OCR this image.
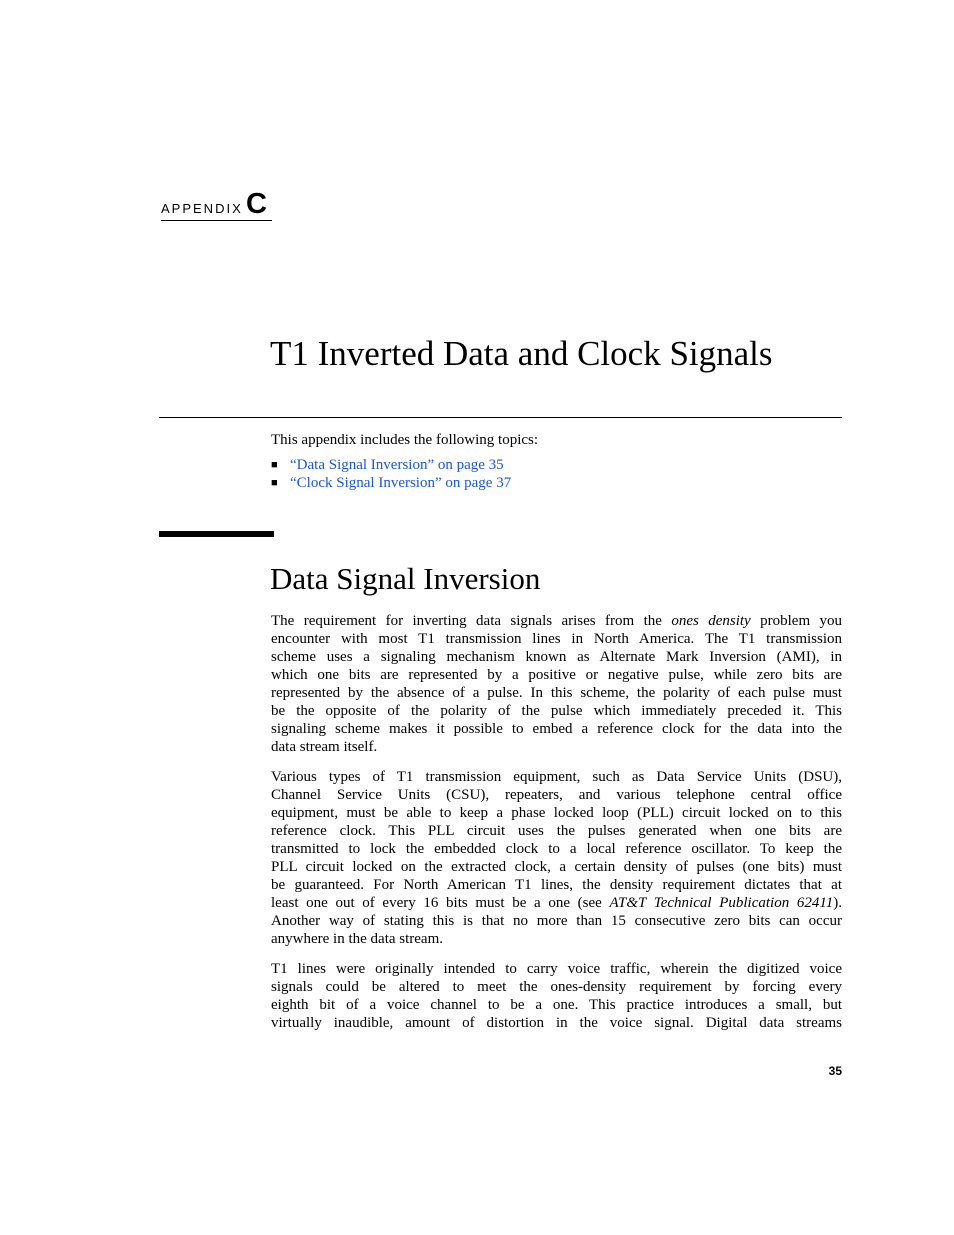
APPENDIX C
T1 Inverted Data and Clock Signals

This appendix includes the following topics:

■ “Data Signal Inversion” on page 35
■ “Clock Signal Inversion” on page 37
Data Signal Inversion
The requirement for inverting data signals arises from the ones density problem you
encounter with most T1 transmission lines in North America. The T1 transmission
scheme uses a signaling mechanism known as Alternate Mark Inversion (AMI), in
which one bits are represented by a positive or negative pulse, while zero bits are
represented by the absence of a pulse. In this scheme, the polarity of each pulse must
be the opposite of the polarity of the pulse which immediately preceded it. This
signaling scheme makes it possible to embed a reference clock for the data into the
data stream itself.
Various types of T1 transmission equipment, such as Data Service Units (DSU),
Channel Service Units (CSU), repeaters, and various telephone central office
equipment, must be able to keep a phase locked loop (PLL) circuit locked on to this
reference clock. This PLL circuit uses the pulses generated when one bits are
transmitted to lock the embedded clock to a local reference oscillator. To keep the
PLL circuit locked on the extracted clock, a certain density of pulses (one bits) must
be guaranteed. For North American T1 lines, the density requirement dictates that at
least one out of every 16 bits must be a one (see AT&T Technical Publication 62411).
Another way of stating this is that no more than 15 consecutive zero bits can occur
anywhere in the data stream.
T1 lines were originally intended to carry voice traffic, wherein the digitized voice
signals could be altered to meet the ones-density requirement by forcing every
eighth bit of a voice channel to be a one. This practice introduces a small, but
virtually inaudible, amount of distortion in the voice signal. Digital data streams
35
